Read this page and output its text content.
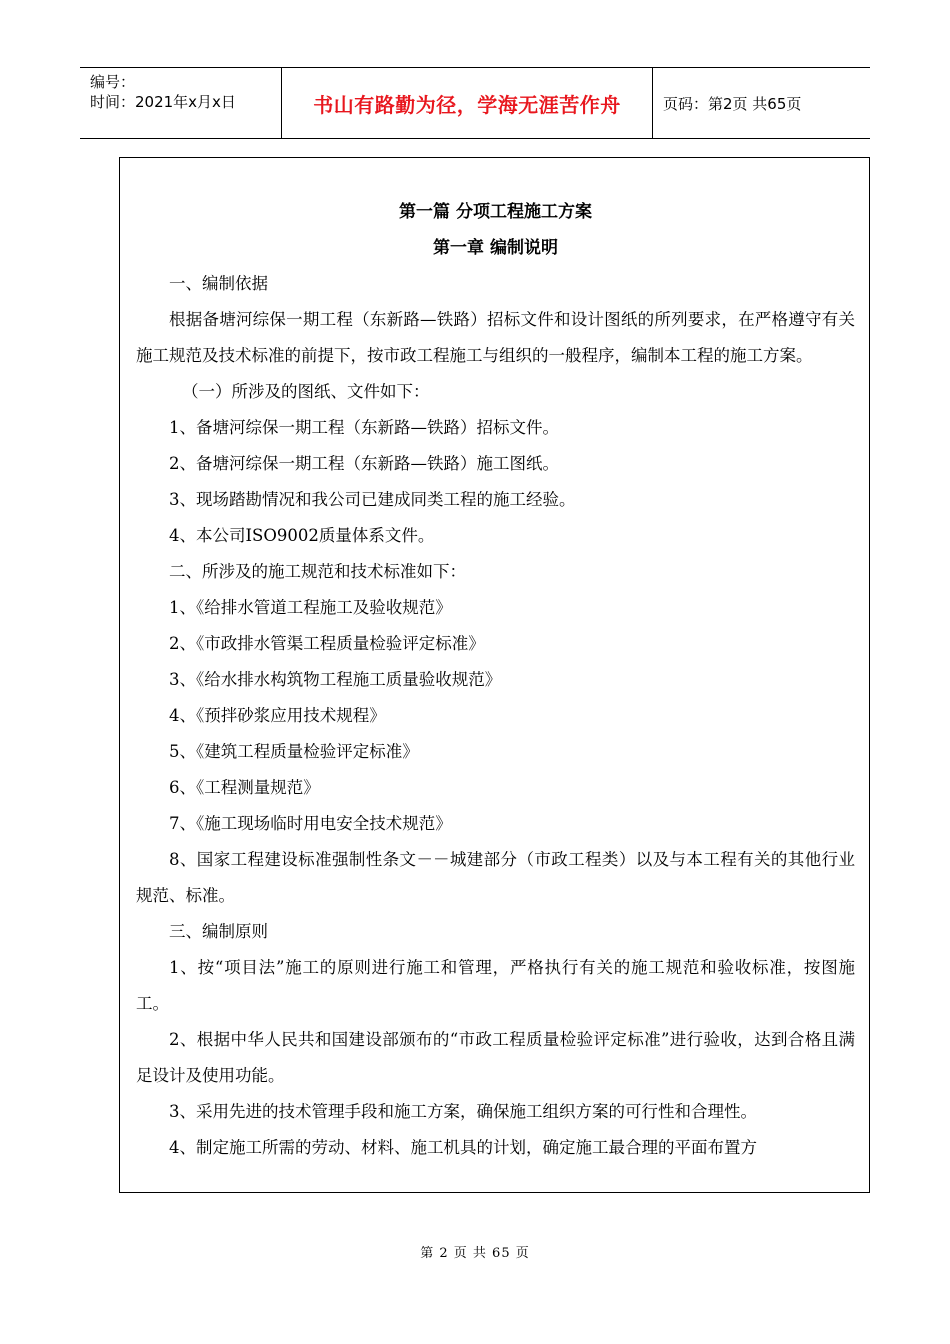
编号：
时间：2021年x月x日	书山有路勤为径，学海无涯苦作舟	页码：第2页 共65页

第一篇 分项工程施工方案

第一章 编制说明

一、编制依据

根据备塘河综保一期工程（东新路—铁路）招标文件和设计图纸的所列要求，在严格遵守有关施工规范及技术标准的前提下，按市政工程施工与组织的一般程序，编制本工程的施工方案。

（一）所涉及的图纸、文件如下：

1、备塘河综保一期工程（东新路—铁路）招标文件。

2、备塘河综保一期工程（东新路—铁路）施工图纸。

3、现场踏勘情况和我公司已建成同类工程的施工经验。

4、本公司ISO9002质量体系文件。

二、所涉及的施工规范和技术标准如下：

1、《给排水管道工程施工及验收规范》

2、《市政排水管渠工程质量检验评定标准》

3、《给水排水构筑物工程施工质量验收规范》

4、《预拌砂浆应用技术规程》

5、《建筑工程质量检验评定标准》

6、《工程测量规范》

7、《施工现场临时用电安全技术规范》

8、国家工程建设标准强制性条文－－城建部分（市政工程类）以及与本工程有关的其他行业规范、标准。

三、编制原则

1、按“项目法”施工的原则进行施工和管理，严格执行有关的施工规范和验收标准，按图施工。

2、根据中华人民共和国建设部颁布的“市政工程质量检验评定标准”进行验收，达到合格且满足设计及使用功能。

3、采用先进的技术管理手段和施工方案，确保施工组织方案的可行性和合理性。

4、制定施工所需的劳动、材料、施工机具的计划，确定施工最合理的平面布置方

第 2 页 共 65 页
